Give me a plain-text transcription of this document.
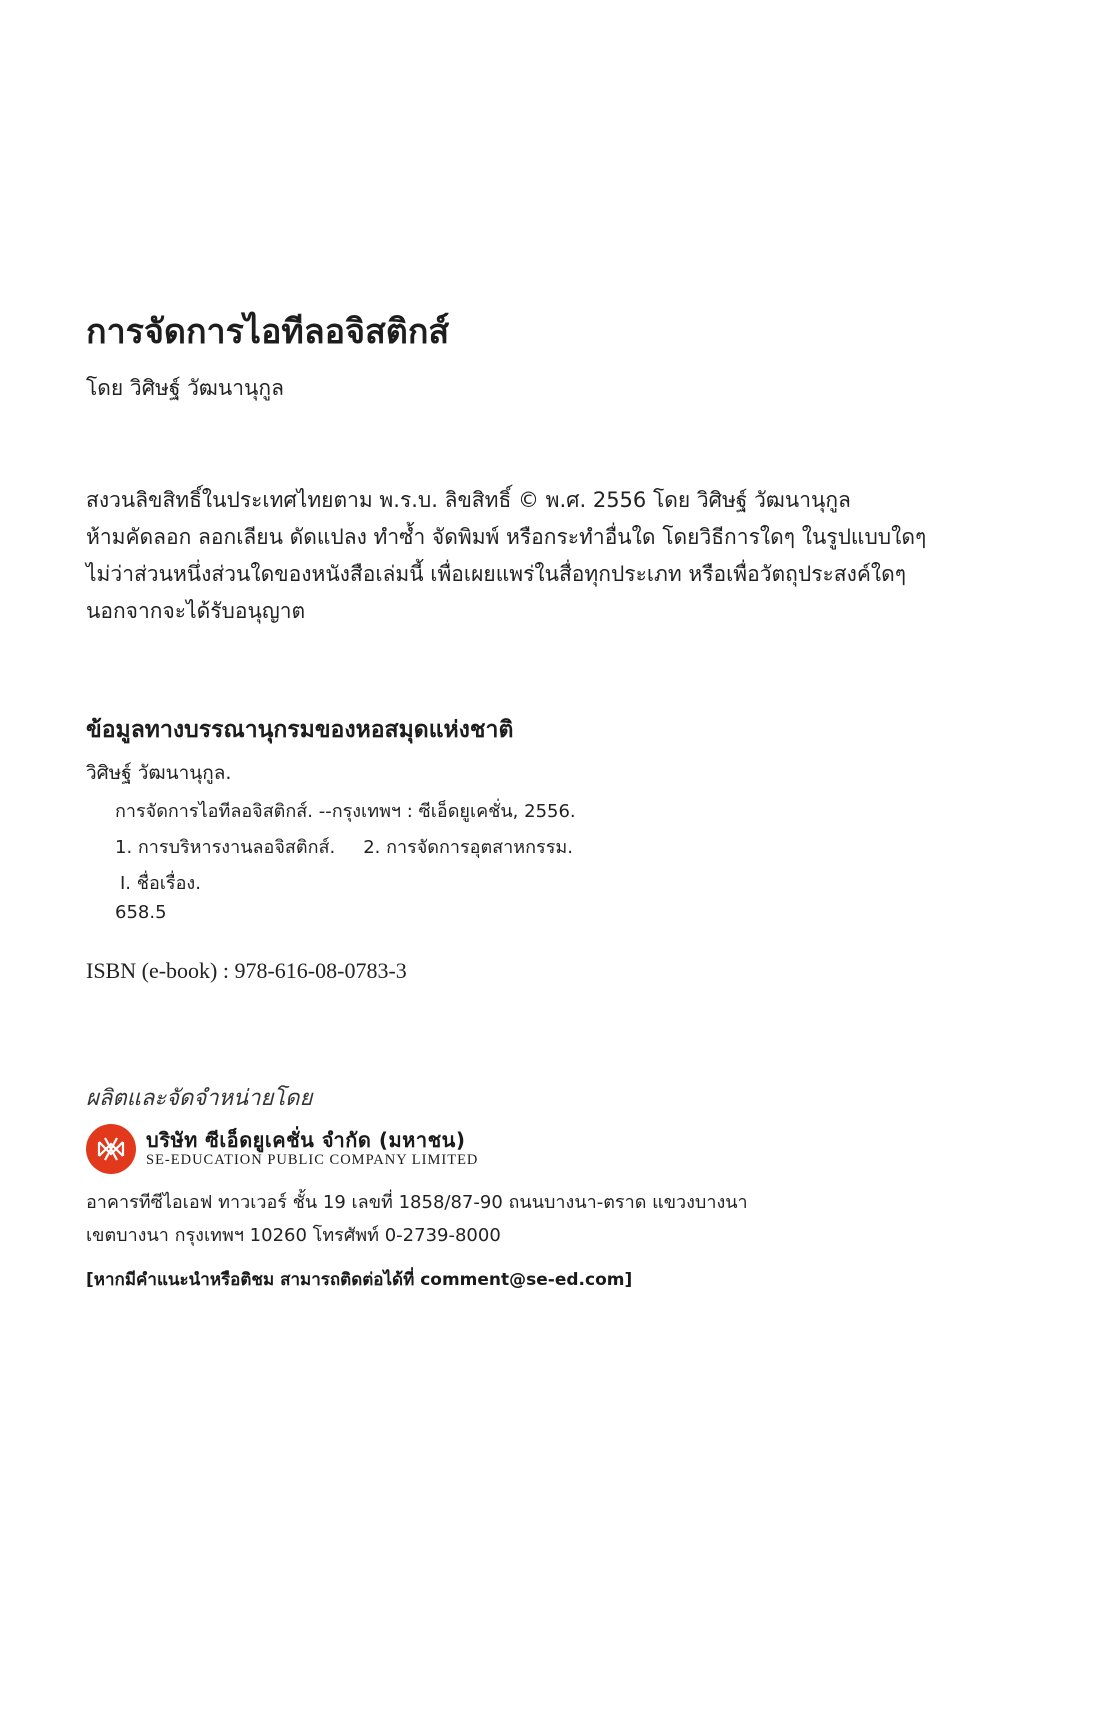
การจัดการไอทีลอจิสติกส์
โดย วิศิษฐ์ วัฒนานุกูล
สงวนลิขสิทธิ์ในประเทศไทยตาม พ.ร.บ. ลิขสิทธิ์ © พ.ศ. 2556 โดย วิศิษฐ์ วัฒนานุกูล
ห้ามคัดลอก ลอกเลียน ดัดแปลง ทำซ้ำ จัดพิมพ์ หรือกระทำอื่นใด โดยวิธีการใดๆ ในรูปแบบใดๆ
ไม่ว่าส่วนหนึ่งส่วนใดของหนังสือเล่มนี้ เพื่อเผยแพร่ในสื่อทุกประเภท หรือเพื่อวัตถุประสงค์ใดๆ
นอกจากจะได้รับอนุญาต
ข้อมูลทางบรรณานุกรมของหอสมุดแห่งชาติ
วิศิษฐ์ วัฒนานุกูล.
การจัดการไอทีลอจิสติกส์. --กรุงเทพฯ : ซีเอ็ดยูเคชั่น, 2556.
1. การบริหารงานลอจิสติกส์. 2. การจัดการอุตสาหกรรม.
I. ชื่อเรื่อง.
658.5
ISBN (e-book) : 978-616-08-0783-3
ผลิตและจัดจำหน่ายโดย
บริษัท ซีเอ็ดยูเคชั่น จำกัด (มหาชน)
SE-EDUCATION PUBLIC COMPANY LIMITED
อาคารทีซีไอเอฟ ทาวเวอร์ ชั้น 19 เลขที่ 1858/87-90 ถนนบางนา-ตราด แขวงบางนา
เขตบางนา กรุงเทพฯ 10260 โทรศัพท์ 0-2739-8000
[หากมีคำแนะนำหรือติชม สามารถติดต่อได้ที่ comment@se-ed.com]
